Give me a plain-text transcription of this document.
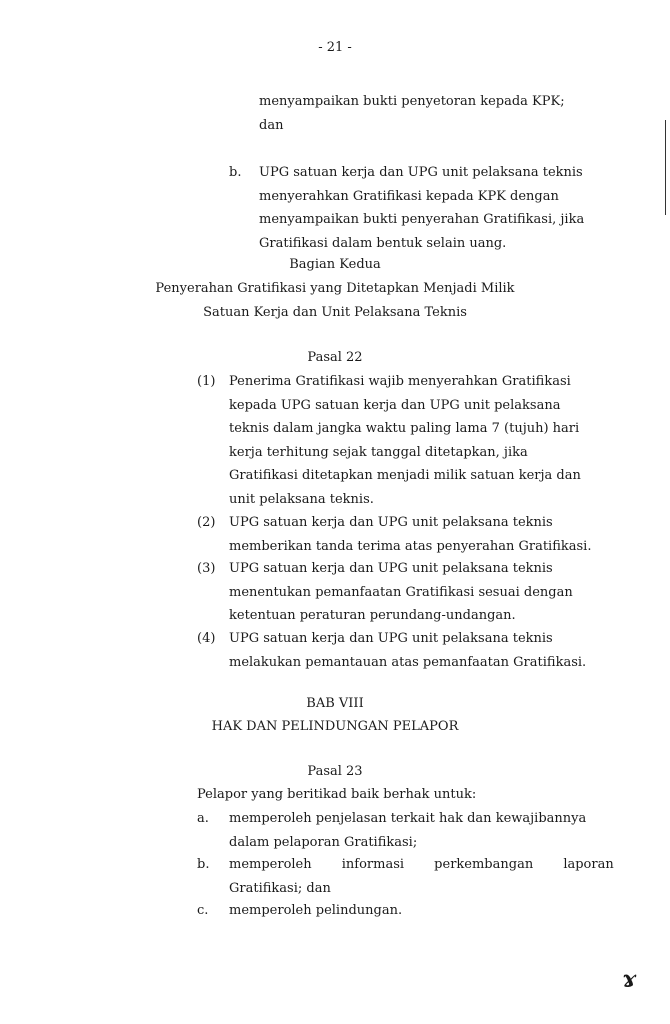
- 21 -
menyampaikan bukti penyetoran kepada KPK;
dan
b. UPG satuan kerja dan UPG unit pelaksana teknis
menyerahkan Gratifikasi kepada KPK dengan
menyampaikan bukti penyerahan Gratifikasi, jika
Gratifikasi dalam bentuk selain uang.
Bagian Kedua
Penyerahan Gratifikasi yang Ditetapkan Menjadi Milik
Satuan Kerja dan Unit Pelaksana Teknis
Pasal 22
(1) Penerima Gratifikasi wajib menyerahkan Gratifikasi
kepada UPG satuan kerja dan UPG unit pelaksana
teknis dalam jangka waktu paling lama 7 (tujuh) hari
kerja terhitung sejak tanggal ditetapkan, jika
Gratifikasi ditetapkan menjadi milik satuan kerja dan
unit pelaksana teknis.
(2) UPG satuan kerja dan UPG unit pelaksana teknis
memberikan tanda terima atas penyerahan Gratifikasi.
(3) UPG satuan kerja dan UPG unit pelaksana teknis
menentukan pemanfaatan Gratifikasi sesuai dengan
ketentuan peraturan perundang-undangan.
(4) UPG satuan kerja dan UPG unit pelaksana teknis
melakukan pemantauan atas pemanfaatan Gratifikasi.
BAB VIII
HAK DAN PELINDUNGAN PELAPOR
Pasal 23
Pelapor yang beritikad baik berhak untuk:
a. memperoleh penjelasan terkait hak dan kewajibannya
dalam pelaporan Gratifikasi;
b. memperoleh informasi perkembangan laporan
Gratifikasi; dan
c. memperoleh pelindungan.
ɤ
